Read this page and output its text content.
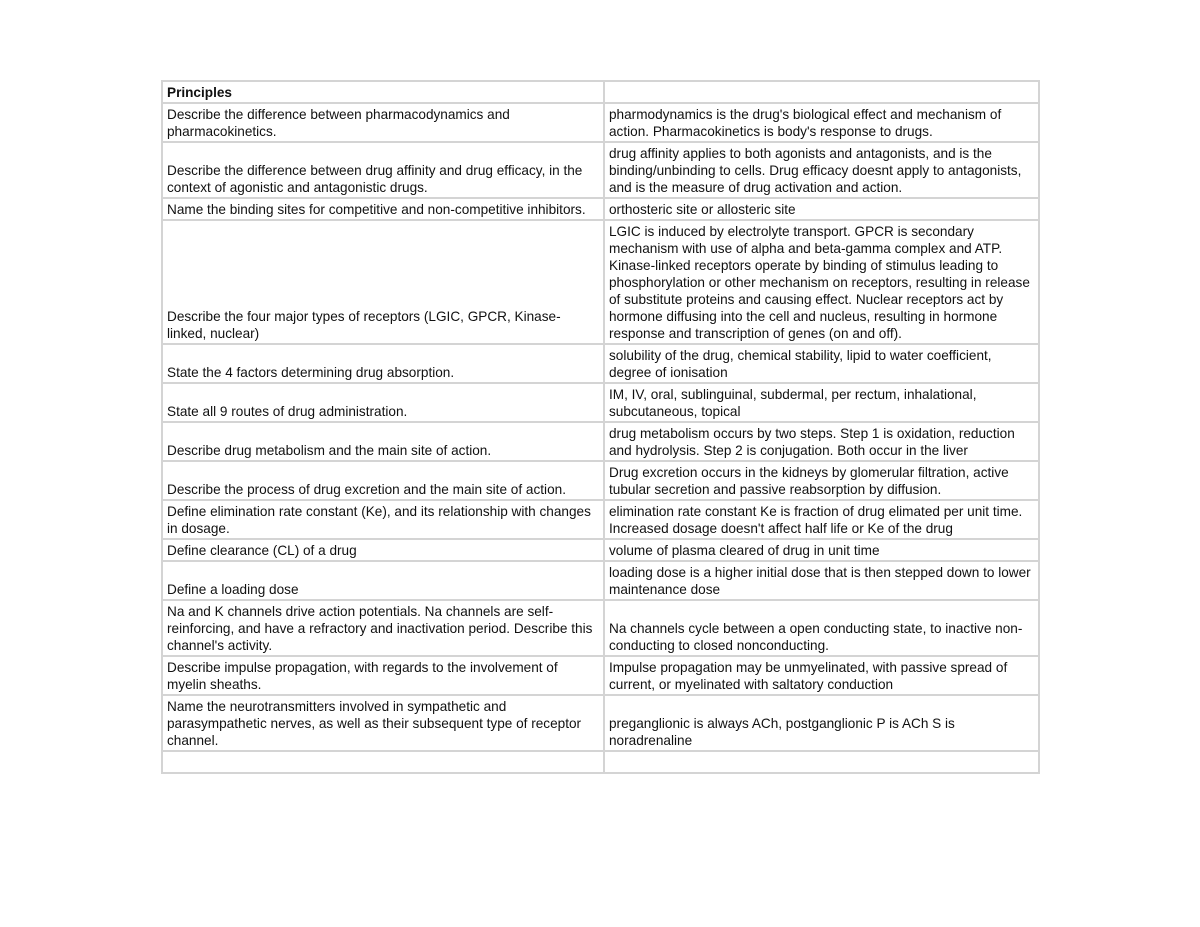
Principles	
Describe the difference between pharmacodynamics and pharmacokinetics.	pharmodynamics is the drug's biological effect and mechanism of action. Pharmacokinetics is body's response to drugs.
Describe the difference between drug affinity and drug efficacy, in the context of agonistic and antagonistic drugs.	drug affinity applies to both agonists and antagonists, and is the binding/unbinding to cells. Drug efficacy doesnt apply to antagonists, and is the measure of drug activation and action.
Name the binding sites for competitive and non-competitive inhibitors.	orthosteric site or allosteric site
Describe the four major types of receptors (LGIC, GPCR, Kinase-linked, nuclear)	LGIC is induced by electrolyte transport. GPCR is secondary mechanism with use of alpha and beta-gamma complex and ATP. Kinase-linked receptors operate by binding of stimulus leading to phosphorylation or other mechanism on receptors, resulting in release of substitute proteins and causing effect. Nuclear receptors act by hormone diffusing into the cell and nucleus, resulting in hormone response and transcription of genes (on and off).
State the 4 factors determining drug absorption.	solubility of the drug, chemical stability, lipid to water coefficient, degree of ionisation
State all 9 routes of drug administration.	IM, IV, oral, sublinguinal, subdermal, per rectum, inhalational, subcutaneous, topical
Describe drug metabolism and the main site of action.	drug metabolism occurs by two steps. Step 1 is oxidation, reduction and hydrolysis. Step 2 is conjugation. Both occur in the liver
Describe the process of drug excretion and the main site of action.	Drug excretion occurs in the kidneys by glomerular filtration, active tubular secretion and passive reabsorption by diffusion.
Define elimination rate constant (Ke), and its relationship with changes in dosage.	elimination rate constant Ke is fraction of drug elimated per unit time. Increased dosage doesn't affect half life or Ke of the drug
Define clearance (CL) of a drug	volume of plasma cleared of drug in unit time
Define a loading dose	loading dose is a higher initial dose that is then stepped down to lower maintenance dose
Na and K channels drive action potentials. Na channels are self-reinforcing, and have a refractory and inactivation period. Describe this channel's activity.	Na channels cycle between a open conducting state, to inactive non-conducting to closed nonconducting.
Describe impulse propagation, with regards to the involvement of myelin sheaths.	Impulse propagation may be unmyelinated, with passive spread of current, or myelinated with saltatory conduction
Name the neurotransmitters involved in sympathetic and parasympathetic nerves, as well as their subsequent type of receptor channel.	preganglionic is always ACh, postganglionic P is ACh S is noradrenaline
